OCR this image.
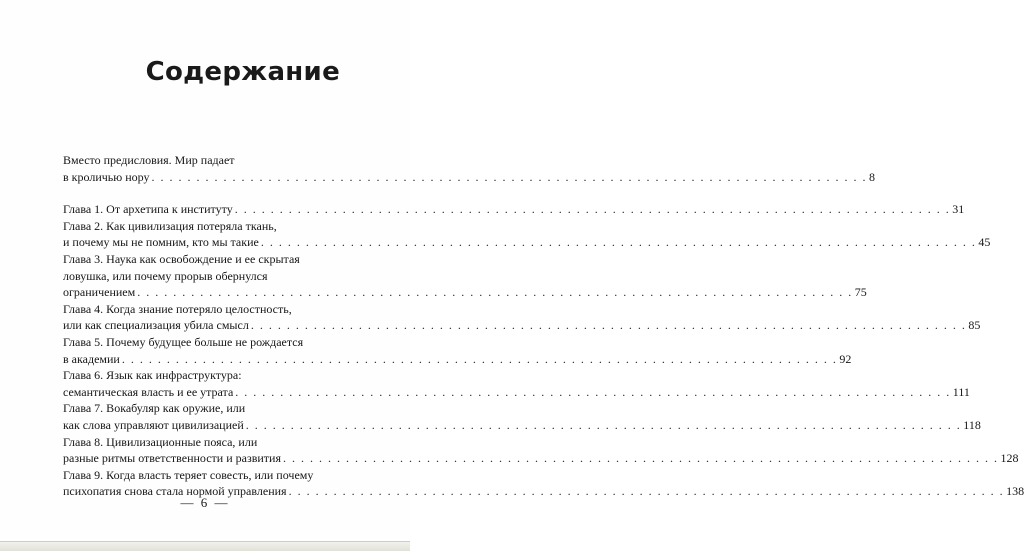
Содержание
Вместо предисловия. Мир падает
в кроличью нору . . . . . . . . . . . . . . . . . . . . . . . . . . . . . . . . . . . . . . . . . . . . . . . . . . . . . . . . . . . . . . . . . . . . . . . . . . . . . . . . 8
Глава 1. От архетипа к институту . . . . . . . . . . . . . . . . . . . . . . . . . . . . . . . . . . . . . . . . . . . . . . . . . . . . . . . . . . . . . . . . . . . . . . . . . . . . . . . . 31
Глава 2. Как цивилизация потеряла ткань,
и почему мы не помним, кто мы такие . . . . . . . . . . . . . . . . . . . . . . . . . . . . . . . . . . . . . . . . . . . . . . . . . . . . . . . . . . . . . . . . . . . . . . . . . . . . . . . . 45
Глава 3. Наука как освобождение и ее скрытая
ловушка, или почему прорыв обернулся
ограничением . . . . . . . . . . . . . . . . . . . . . . . . . . . . . . . . . . . . . . . . . . . . . . . . . . . . . . . . . . . . . . . . . . . . . . . . . . . . . . . . 75
Глава 4. Когда знание потеряло целостность,
или как специализация убила смысл . . . . . . . . . . . . . . . . . . . . . . . . . . . . . . . . . . . . . . . . . . . . . . . . . . . . . . . . . . . . . . . . . . . . . . . . . . . . . . . . 85
Глава 5. Почему будущее больше не рождается
в академии . . . . . . . . . . . . . . . . . . . . . . . . . . . . . . . . . . . . . . . . . . . . . . . . . . . . . . . . . . . . . . . . . . . . . . . . . . . . . . . . 92
Глава 6. Язык как инфраструктура:
семантическая власть и ее утрата . . . . . . . . . . . . . . . . . . . . . . . . . . . . . . . . . . . . . . . . . . . . . . . . . . . . . . . . . . . . . . . . . . . . . . . . . . . . . . . . 111
Глава 7. Вокабуляр как оружие, или
как слова управляют цивилизацией . . . . . . . . . . . . . . . . . . . . . . . . . . . . . . . . . . . . . . . . . . . . . . . . . . . . . . . . . . . . . . . . . . . . . . . . . . . . . . . . 118
Глава 8. Цивилизационные пояса, или
разные ритмы ответственности и развития . . . . . . . . . . . . . . . . . . . . . . . . . . . . . . . . . . . . . . . . . . . . . . . . . . . . . . . . . . . . . . . . . . . . . . . . . . . . . . . . 128
Глава 9. Когда власть теряет совесть, или почему
психопатия снова стала нормой управления . . . . . . . . . . . . . . . . . . . . . . . . . . . . . . . . . . . . . . . . . . . . . . . . . . . . . . . . . . . . . . . . . . . . . . . . . . . . . . . . 138
— 6 —
